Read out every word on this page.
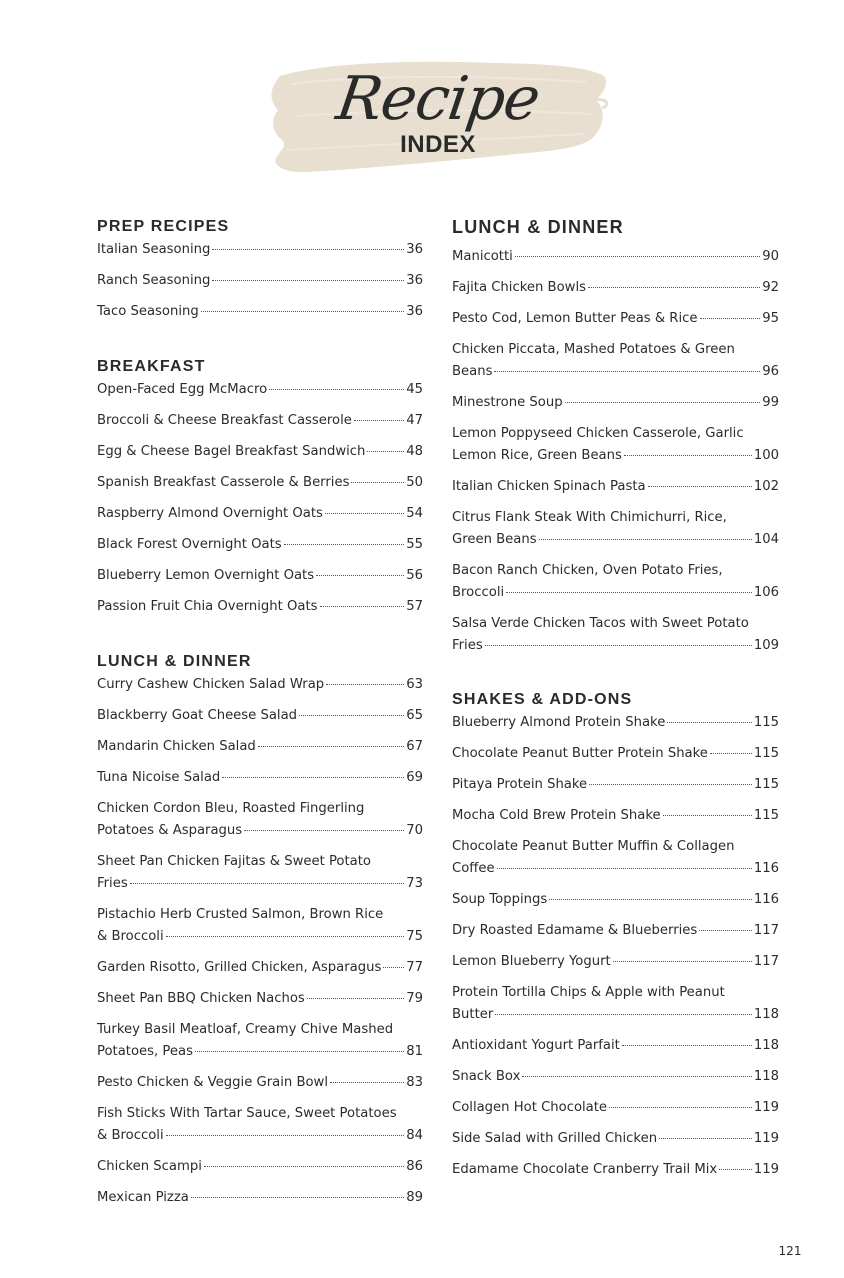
Recipe
INDEX
PREP RECIPES
Italian Seasoning	36
Ranch Seasoning	36
Taco Seasoning	36
BREAKFAST
Open-Faced Egg McMacro	45
Broccoli & Cheese Breakfast Casserole	47
Egg & Cheese Bagel Breakfast Sandwich	48
Spanish Breakfast Casserole & Berries	50
Raspberry Almond Overnight Oats	54
Black Forest Overnight Oats	55
Blueberry Lemon Overnight Oats	56
Passion Fruit Chia Overnight Oats	57
LUNCH & DINNER
Curry Cashew Chicken Salad Wrap	63
Blackberry Goat Cheese Salad	65
Mandarin Chicken Salad	67
Tuna Nicoise Salad	69
Chicken Cordon Bleu, Roasted Fingerling
Potatoes & Asparagus	70
Sheet Pan Chicken Fajitas & Sweet Potato
Fries	73
Pistachio Herb Crusted Salmon, Brown Rice
& Broccoli	75
Garden Risotto, Grilled Chicken, Asparagus 77
Sheet Pan BBQ Chicken Nachos	79
Turkey Basil Meatloaf, Creamy Chive Mashed
Potatoes, Peas	81
Pesto Chicken & Veggie Grain Bowl	83
Fish Sticks With Tartar Sauce, Sweet Potatoes
& Broccoli	84
Chicken Scampi	86
Mexican Pizza	89
LUNCH & DINNER
Manicotti	90
Fajita Chicken Bowls	92
Pesto Cod, Lemon Butter Peas & Rice	95
Chicken Piccata, Mashed Potatoes & Green
Beans	96
Minestrone Soup	99
Lemon Poppyseed Chicken Casserole, Garlic
Lemon Rice, Green Beans	100
Italian Chicken Spinach Pasta	102
Citrus Flank Steak With Chimichurri, Rice,
Green Beans	104
Bacon Ranch Chicken, Oven Potato Fries,
Broccoli	106
Salsa Verde Chicken Tacos with Sweet Potato
Fries	109
SHAKES & ADD-ONS
Blueberry Almond Protein Shake	115
Chocolate Peanut Butter Protein Shake	115
Pitaya Protein Shake	115
Mocha Cold Brew Protein Shake	115
Chocolate Peanut Butter Muffin & Collagen
Coffee	116
Soup Toppings	116
Dry Roasted Edamame & Blueberries	117
Lemon Blueberry Yogurt	117
Protein Tortilla Chips & Apple with Peanut
Butter	118
Antioxidant Yogurt Parfait	118
Snack Box	118
Collagen Hot Chocolate	119
Side Salad with Grilled Chicken	119
Edamame Chocolate Cranberry Trail Mix	119
121
